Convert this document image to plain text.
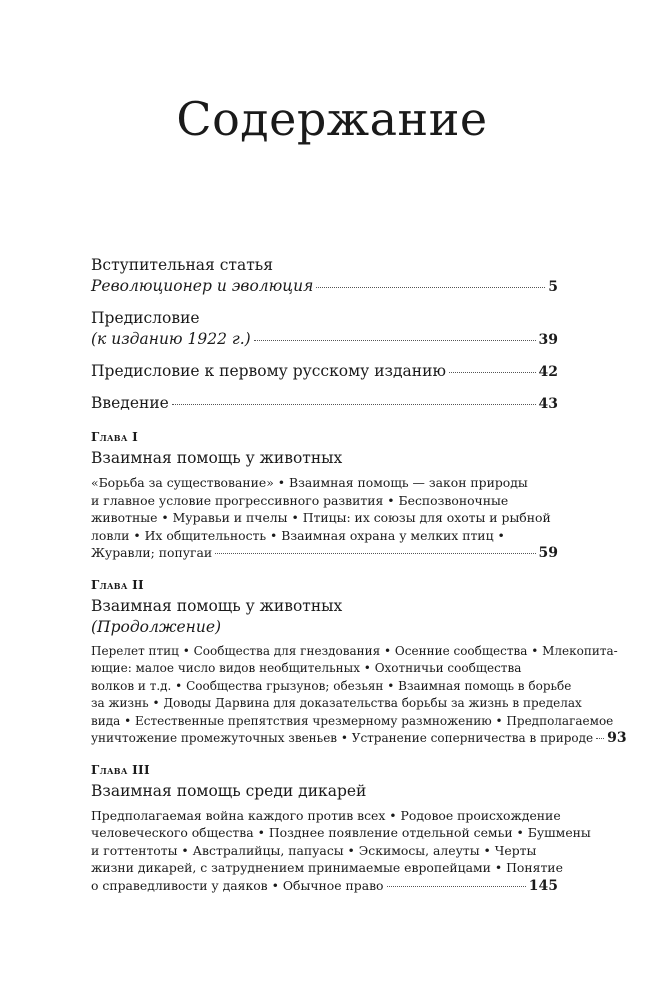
Содержание
Вступительная статья
Революционер и эволюция	5
Предисловие
(к изданию 1922 г.)	39
Предисловие к первому русскому изданию	42
Введение	43
Глава I
Взаимная помощь у животных
«Борьба за существование» • Взаимная помощь — закон природы
и главное условие прогрессивного развития • Беспозвоночные
животные • Муравьи и пчелы • Птицы: их союзы для охоты и рыбной
ловли • Их общительность • Взаимная охрана у мелких птиц •
Журавли; попугаи	59
Глава II
Взаимная помощь у животных
(Продолжение)
Перелет птиц • Сообщества для гнездования • Осенние сообщества • Млекопита-
ющие: малое число видов необщительных • Охотничьи сообщества
волков и т.д. • Сообщества грызунов; обезьян • Взаимная помощь в борьбе
за жизнь • Доводы Дарвина для доказательства борьбы за жизнь в пределах
вида • Естественные препятствия чрезмерному размножению • Предполагаемое
уничтожение промежуточных звеньев • Устранение соперничества в природе 93
Глава III
Взаимная помощь среди дикарей
Предполагаемая война каждого против всех • Родовое происхождение
человеческого общества • Позднее появление отдельной семьи • Бушмены
и готтентоты • Австралийцы, папуасы • Эскимосы, алеуты • Черты
жизни дикарей, с затруднением принимаемые европейцами • Понятие
о справедливости у даяков • Обычное право	145
